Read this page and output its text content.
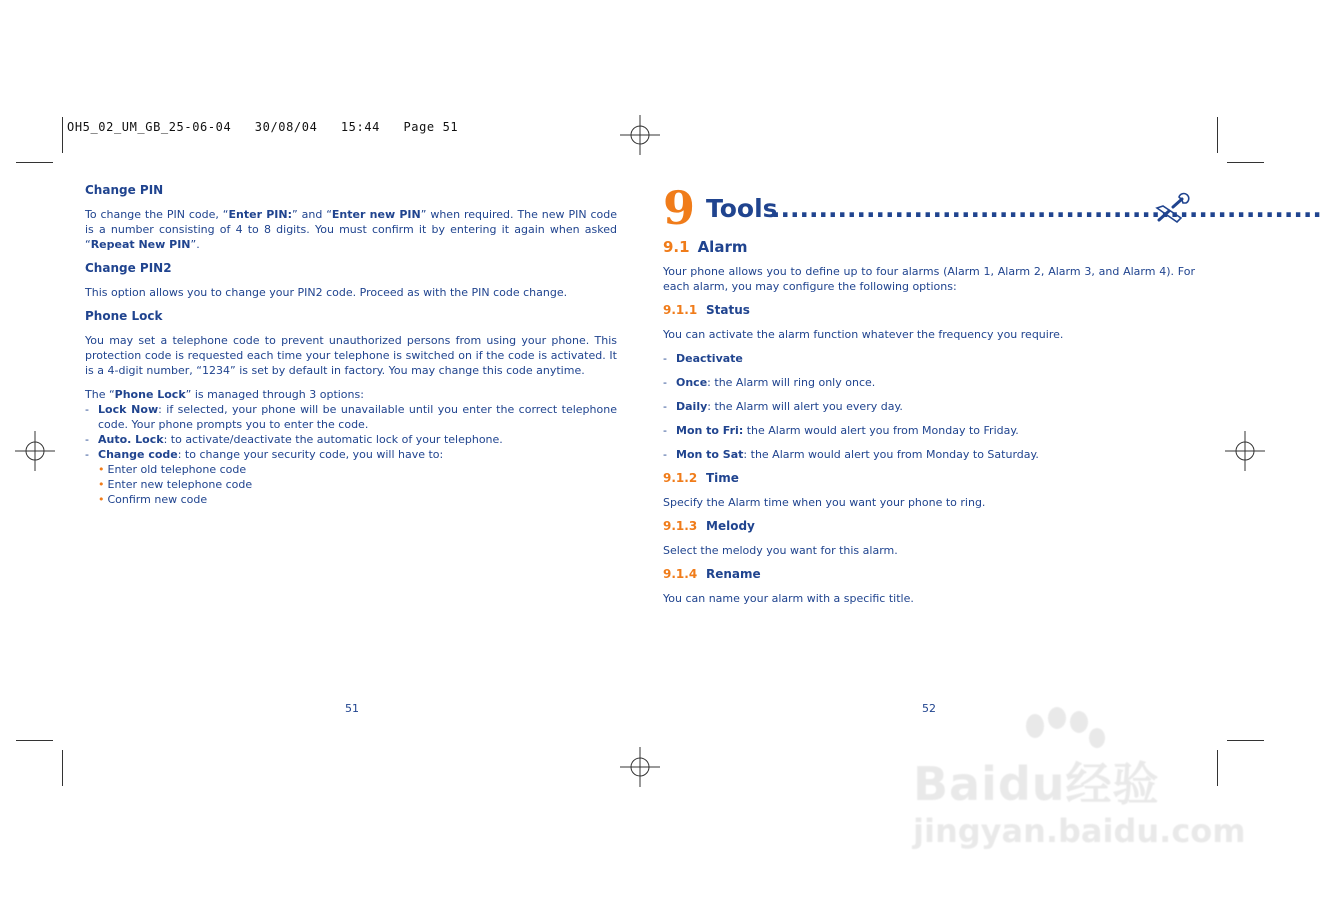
OH5_02_UM_GB_25-06-04   30/08/04   15:44   Page 51

Change PIN

To change the PIN code, “Enter PIN:” and “Enter new PIN” when required. The new PIN code is a number consisting of 4 to 8 digits. You must confirm it by entering it again when asked “Repeat New PIN”.

Change PIN2

This option allows you to change your PIN2 code. Proceed as with the PIN code change.

Phone Lock

You may set a telephone code to prevent unauthorized persons from using your phone. This protection code is requested each time your telephone is switched on if the code is activated. It is a 4-digit number, “1234” is set by default in factory. You may change this code anytime.

The “Phone Lock” is managed through 3 options:

- Lock Now: if selected, your phone will be unavailable until you enter the correct telephone code. Your phone prompts you to enter the code.

- Auto. Lock: to activate/deactivate the automatic lock of your telephone.

- Change code: to change your security code, you will have to:

• Enter old telephone code

• Enter new telephone code

• Confirm new code

51
9 Tools
..........................................................

9.1 Alarm

Your phone allows you to define up to four alarms (Alarm 1, Alarm 2, Alarm 3, and Alarm 4). For each alarm, you may configure the following options:

9.1.1 Status

You can activate the alarm function whatever the frequency you require.

- Deactivate

- Once: the Alarm will ring only once.

- Daily: the Alarm will alert you every day.

- Mon to Fri: the Alarm would alert you from Monday to Friday.

- Mon to Sat: the Alarm would alert you from Monday to Saturday.

9.1.2 Time

Specify the Alarm time when you want your phone to ring.

9.1.3 Melody

Select the melody you want for this alarm.

9.1.4 Rename

You can name your alarm with a specific title.

52
Baidu经验
jingyan.baidu.com
